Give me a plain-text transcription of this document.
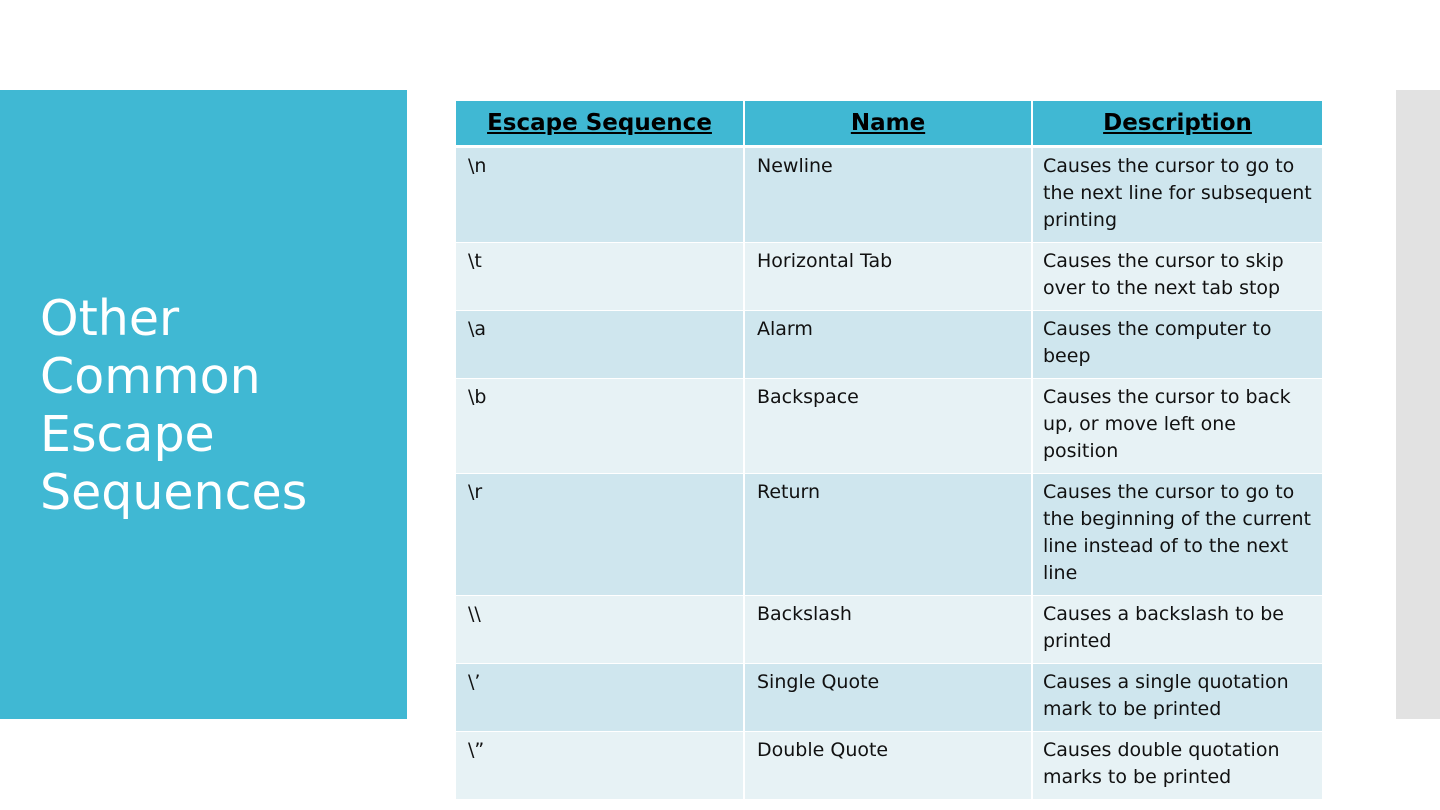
Other
Common
Escape
Sequences
Escape Sequence	Name	Description
\n	Newline	Causes the cursor to go to the next line for subsequent printing
\t	Horizontal Tab	Causes the cursor to skip over to the next tab stop
\a	Alarm	Causes the computer to beep
\b	Backspace	Causes the cursor to back up, or move left one position
\r	Return	Causes the cursor to go to the beginning of the current line instead of to the next line
\\	Backslash	Causes a backslash to be printed
\’	Single Quote	Causes a single quotation mark to be printed
\”	Double Quote	Causes double quotation marks to be printed
